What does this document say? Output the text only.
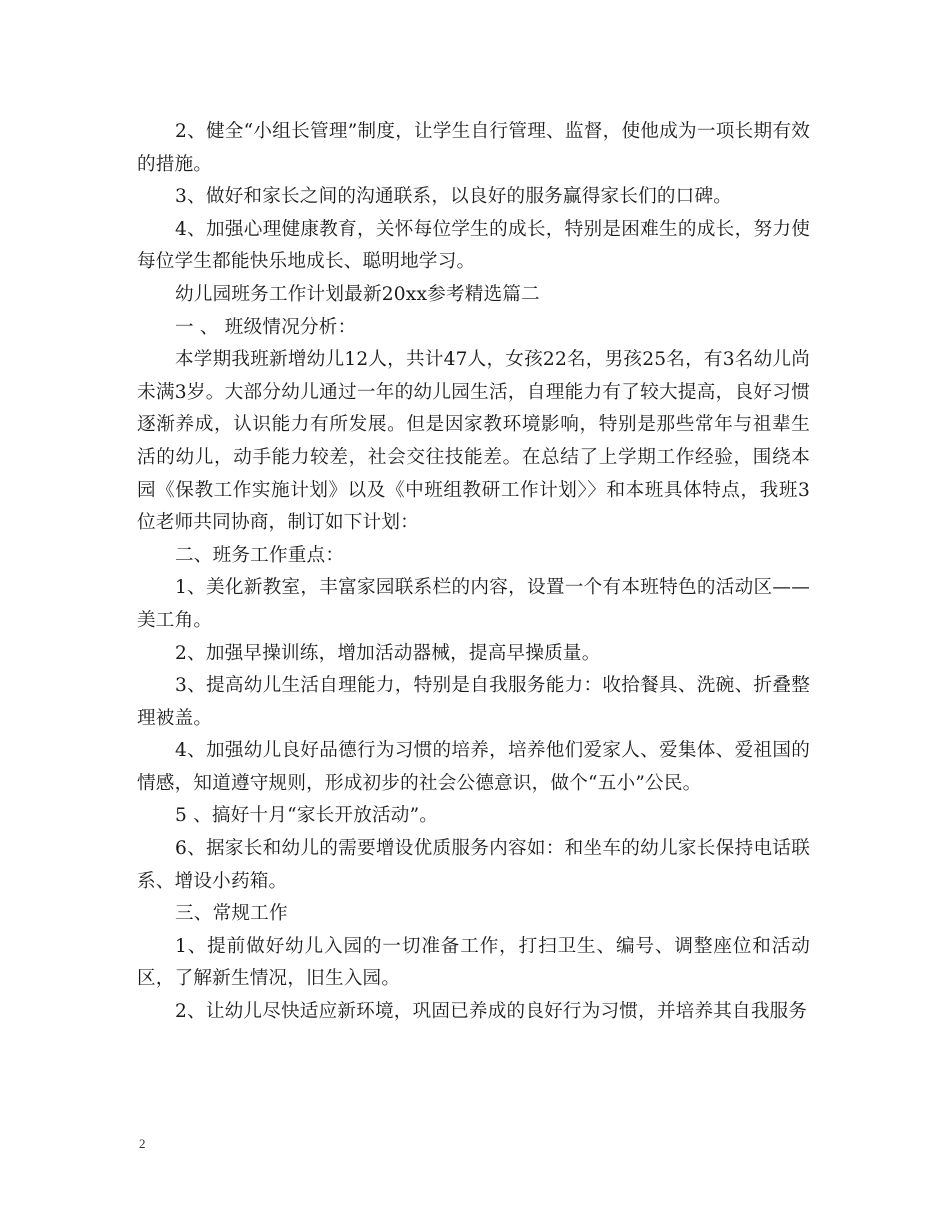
2、健全“小组长管理”制度，让学生自行管理、监督，使他成为一项长期有效的措施。

3、做好和家长之间的沟通联系，以良好的服务赢得家长们的口碑。

4、加强心理健康教育，关怀每位学生的成长，特别是困难生的成长，努力使每位学生都能快乐地成长、聪明地学习。

幼儿园班务工作计划最新20xx参考精选篇二

一 、 班级情况分析：

本学期我班新增幼儿12人，共计47人，女孩22名，男孩25名，有3名幼儿尚未满3岁。大部分幼儿通过一年的幼儿园生活，自理能力有了较大提高，良好习惯逐渐养成，认识能力有所发展。但是因家教环境影响，特别是那些常年与祖辈生活的幼儿，动手能力较差，社会交往技能差。在总结了上学期工作经验，围绕本园《保教工作实施计划》以及《中班组教研工作计划〉〉和本班具体特点，我班3位老师共同协商，制订如下计划：

二、班务工作重点：

1、美化新教室，丰富家园联系栏的内容，设置一个有本班特色的活动区——美工角。

2、加强早操训练，增加活动器械，提高早操质量。

3、提高幼儿生活自理能力，特别是自我服务能力：收拾餐具、洗碗、折叠整理被盖。

4、加强幼儿良好品德行为习惯的培养，培养他们爱家人、爱集体、爱祖国的情感，知道遵守规则，形成初步的社会公德意识，做个“五小”公民。

5 、搞好十月“家长开放活动”。

6、据家长和幼儿的需要增设优质服务内容如：和坐车的幼儿家长保持电话联系、增设小药箱。

三、常规工作

1、提前做好幼儿入园的一切准备工作，打扫卫生、编号、调整座位和活动区，了解新生情况，旧生入园。

2、让幼儿尽快适应新环境，巩固已养成的良好行为习惯，并培养其自我服务

2
